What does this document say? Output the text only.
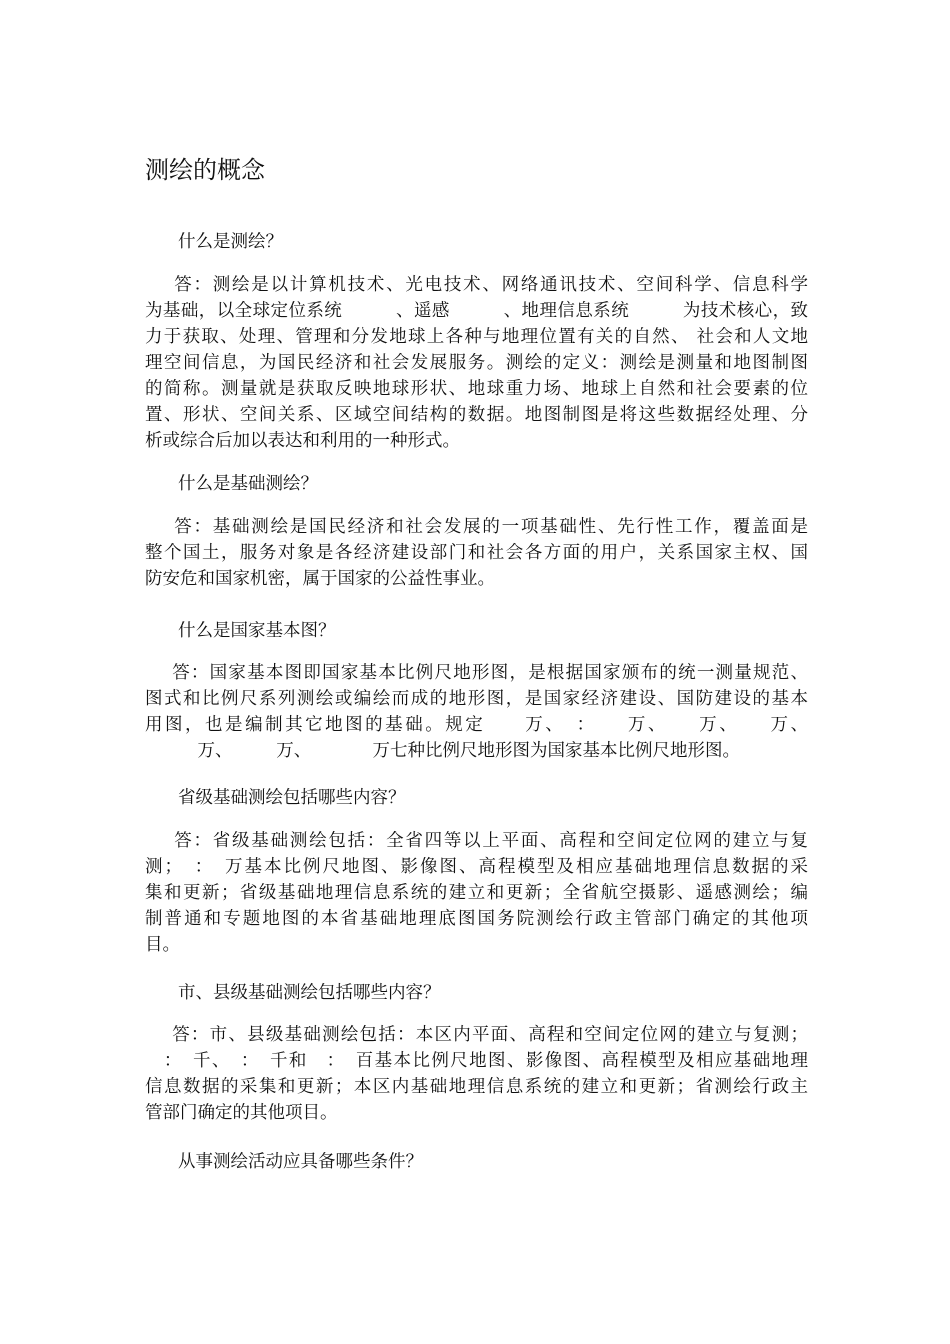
测绘的概念
什么是测绘？
答：测绘是以计算机技术、光电技术、网络通讯技术、空间科学、信息科学
为基础，以全球定位系统　　　、遥感　　　、地理信息系统　　　为技术核心，致
力于获取、处理、管理和分发地球上各种与地理位置有关的自然、 社会和人文地
理空间信息，为国民经济和社会发展服务。测绘的定义：测绘是测量和地图制图
的简称。测量就是获取反映地球形状、地球重力场、地球上自然和社会要素的位
置、形状、空间关系、区域空间结构的数据。地图制图是将这些数据经处理、分
析或综合后加以表达和利用的一种形式。
什么是基础测绘？
答：基础测绘是国民经济和社会发展的一项基础性、先行性工作，覆盖面是
整个国土，服务对象是各经济建设部门和社会各方面的用户，关系国家主权、国
防安危和国家机密，属于国家的公益性事业。
什么是国家基本图？
答：国家基本图即国家基本比例尺地形图，是根据国家颁布的统一测量规范、
图式和比例尺系列测绘或编绘而成的地形图，是国家经济建设、国防建设的基本
用图，也是编制其它地图的基础。规定　　万、　：　　万、　　万、　　万、
　　　万、　　　万、　　　　万七种比例尺地形图为国家基本比例尺地形图。
省级基础测绘包括哪些内容？
答：省级基础测绘包括：全省四等以上平面、高程和空间定位网的建立与复
测；　：　万基本比例尺地图、影像图、高程模型及相应基础地理信息数据的采
集和更新；省级基础地理信息系统的建立和更新；全省航空摄影、遥感测绘；编
制普通和专题地图的本省基础地理底图国务院测绘行政主管部门确定的其他项
目。
市、县级基础测绘包括哪些内容？
答：市、县级基础测绘包括：本区内平面、高程和空间定位网的建立与复测；
　：　千、　：　千和　：　百基本比例尺地图、影像图、高程模型及相应基础地理
信息数据的采集和更新；本区内基础地理信息系统的建立和更新；省测绘行政主
管部门确定的其他项目。
从事测绘活动应具备哪些条件？
